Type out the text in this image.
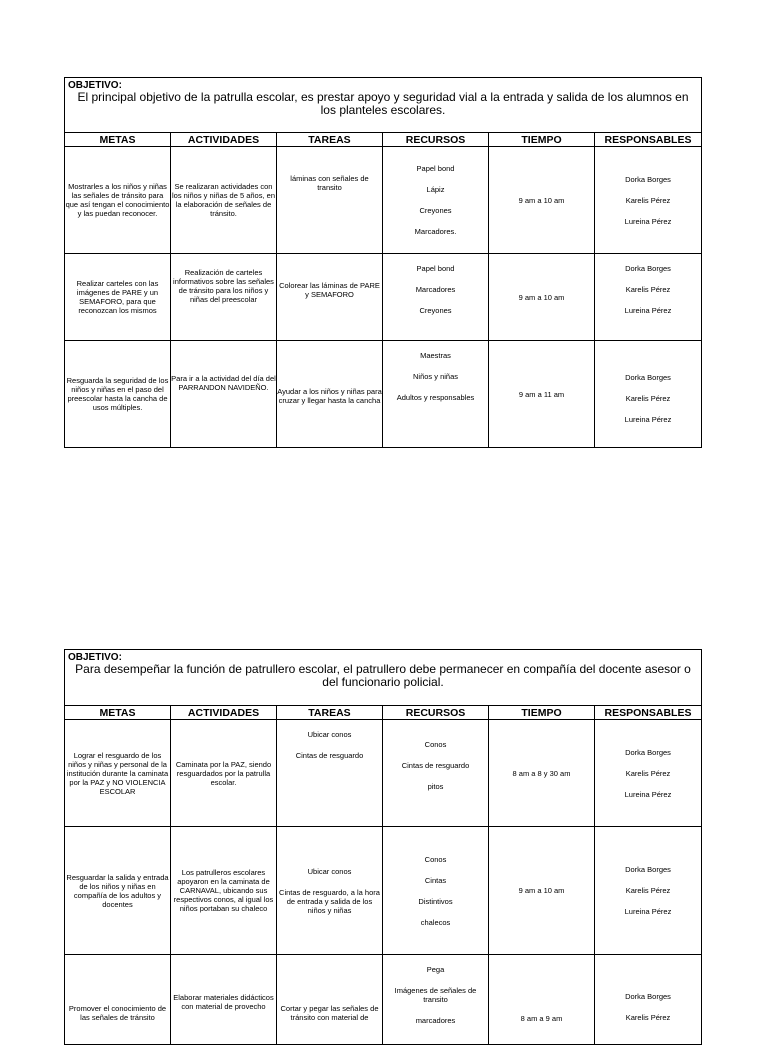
OBJETIVO:
El principal objetivo de la patrulla escolar, es prestar apoyo y seguridad vial a la entrada y salida de los alumnos en los planteles escolares.					

METAS	ACTIVIDADES	TAREAS	RECURSOS	TIEMPO	RESPONSABLES
Mostrarles a los niños y niñas las señales de tránsito para que así tengan el conocimiento y las puedan reconocer.	Se realizaran actividades con los niños y niñas de 5 años, en la elaboración de señales de tránsito.	láminas con señales de transito	Papel bond
Lápiz
Creyones
Marcadores.	9 am a 10 am	Dorka Borges
Karelis Pérez
Lureina Pérez

Realizar carteles con las imágenes de PARE y un SEMAFORO, para que reconozcan los mismos	Realización de carteles informativos sobre las señales de tránsito para los niños y niñas del preescolar	Colorear las láminas de PARE y SEMAFORO	Papel bond
Marcadores
Creyones	9 am a 10 am	Dorka Borges
Karelis Pérez
Lureina Pérez

Resguarda la seguridad de los niños y niñas en el paso del preescolar hasta la cancha de usos múltiples.	Para ir a la actividad del día del PARRANDON NAVIDEÑO.	Ayudar a los niños y niñas para cruzar y llegar hasta la cancha	Maestras
Niños y niñas
Adultos y responsables	9 am a 11 am	Dorka Borges
Karelis Pérez
Lureina Pérez
OBJETIVO:
Para desempeñar la función de patrullero escolar, el patrullero debe permanecer en compañía del docente asesor o del funcionario policial.					

METAS	ACTIVIDADES	TAREAS	RECURSOS	TIEMPO	RESPONSABLES
Lograr el resguardo de los niños y niñas y personal de la institución durante la caminata por la PAZ y NO VIOLENCIA ESCOLAR	Caminata por la PAZ, siendo resguardados por la patrulla escolar.	Ubicar conos
Cintas de resguardo	Conos
Cintas de resguardo
pitos	8 am a 8 y 30 am	Dorka Borges
Karelis Pérez
Lureina Pérez

Resguardar la salida y entrada de los niños y niñas en compañía de los adultos y docentes	Los patrulleros escolares apoyaron en la caminata de CARNAVAL, ubicando sus respectivos conos, al igual los niños portaban su chaleco	Ubicar conos
Cintas de resguardo, a la hora de entrada y salida de los niños y niñas	Conos
Cintas
Distintivos
chalecos	9 am a 10 am	Dorka Borges
Karelis Pérez
Lureina Pérez

Promover el conocimiento de las señales de tránsito	Elaborar materiales didácticos con material de provecho	Cortar y pegar las señales de tránsito con material de	Pega
Imágenes de señales de transito
marcadores	8 am a 9 am	Dorka Borges
Karelis Pérez
